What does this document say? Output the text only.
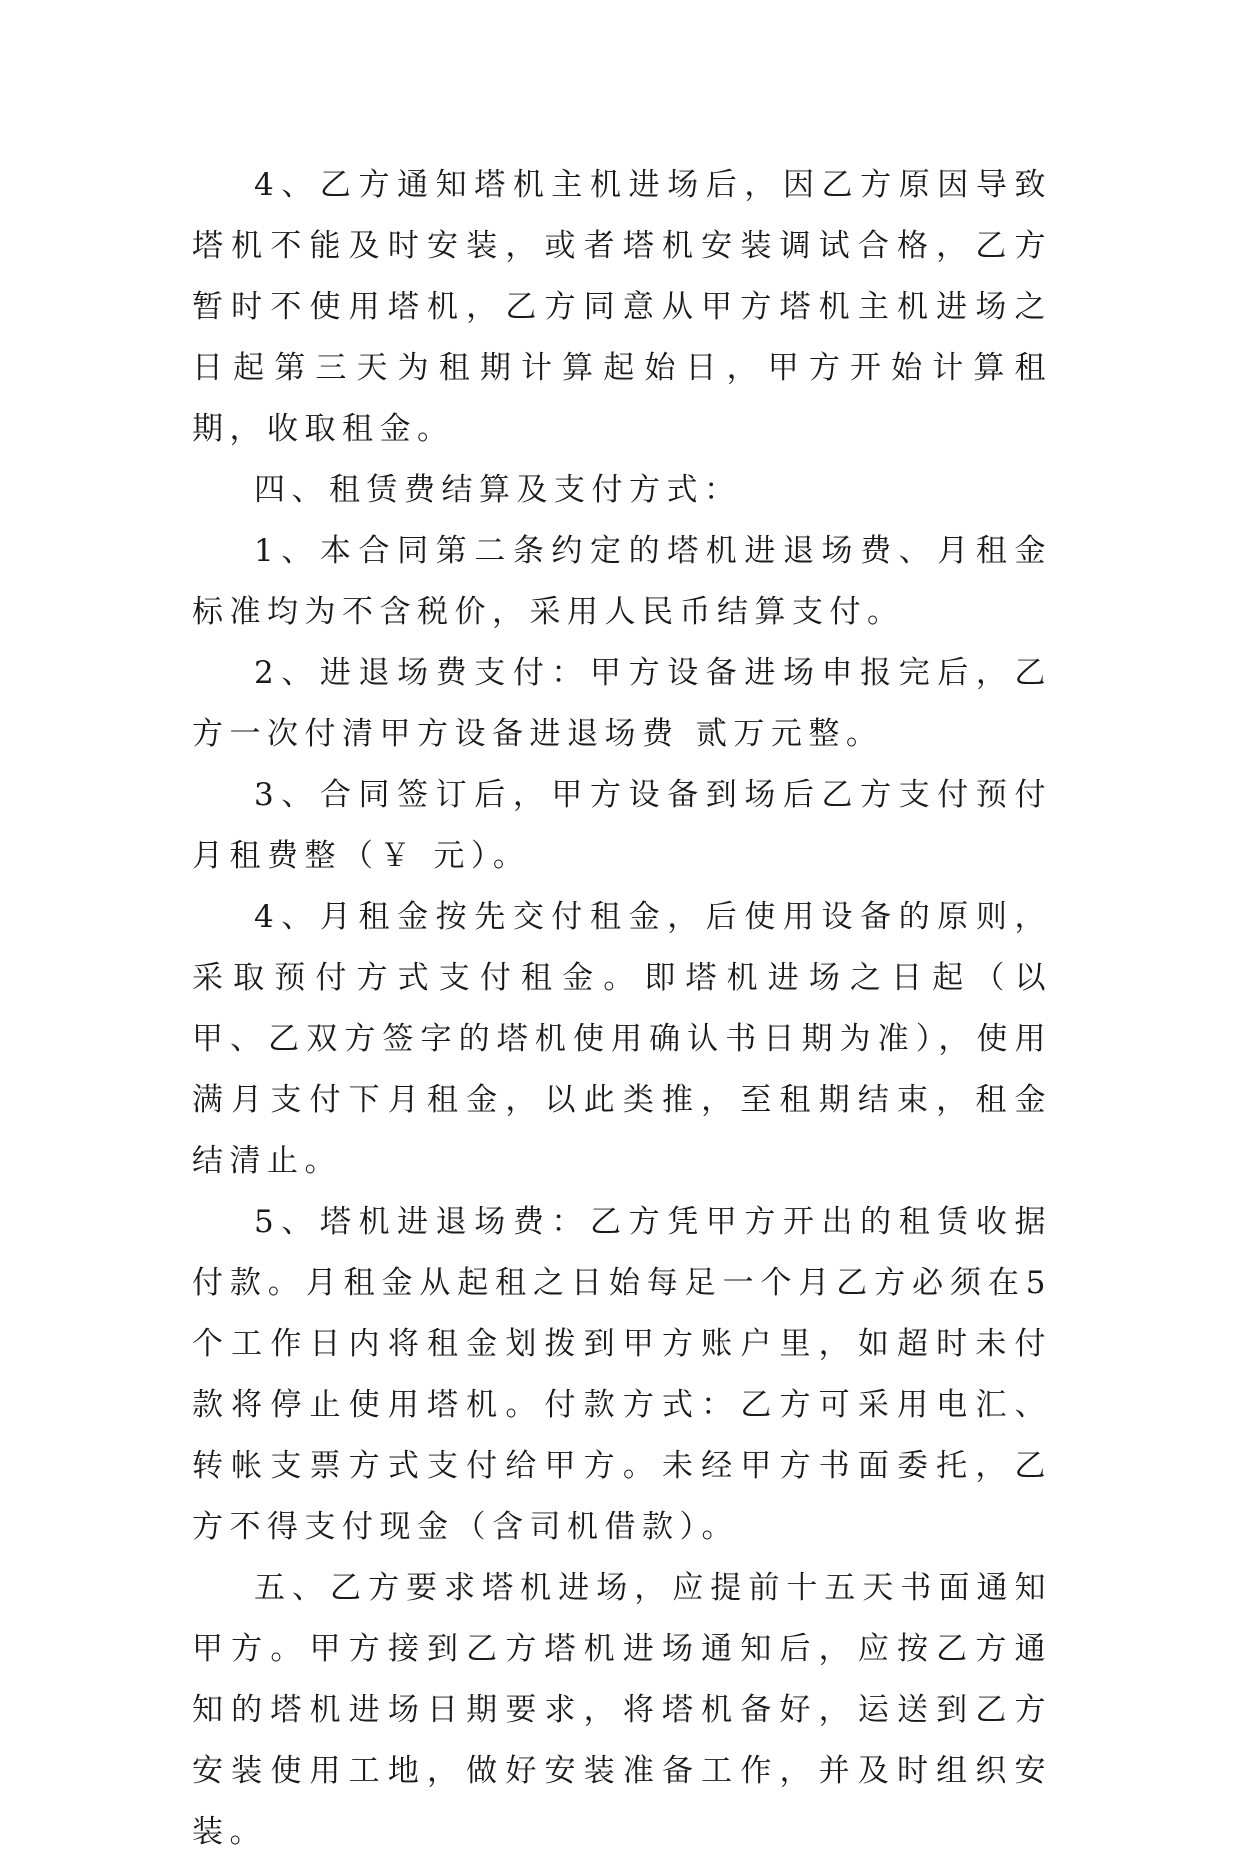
4、乙方通知塔机主机进场后，因乙方原因导致塔机不能及时安装，或者塔机安装调试合格，乙方暂时不使用塔机，乙方同意从甲方塔机主机进场之日起第三天为租期计算起始日，甲方开始计算租期，收取租金。

四、租赁费结算及支付方式：

1、本合同第二条约定的塔机进退场费、月租金标准均为不含税价，采用人民币结算支付。

2、进退场费支付：甲方设备进场申报完后，乙方一次付清甲方设备进退场费 贰万元整。

3、合同签订后，甲方设备到场后乙方支付预付月租费整（￥ 元）。

4、月租金按先交付租金，后使用设备的原则，采取预付方式支付租金。即塔机进场之日起（以甲、乙双方签字的塔机使用确认书日期为准），使用满月支付下月租金，以此类推，至租期结束，租金结清止。

5、塔机进退场费：乙方凭甲方开出的租赁收据付款。月租金从起租之日始每足一个月乙方必须在5个工作日内将租金划拨到甲方账户里，如超时未付款将停止使用塔机。付款方式：乙方可采用电汇、转帐支票方式支付给甲方。未经甲方书面委托，乙方不得支付现金（含司机借款）。

五、乙方要求塔机进场，应提前十五天书面通知甲方。甲方接到乙方塔机进场通知后，应按乙方通知的塔机进场日期要求，将塔机备好，运送到乙方安装使用工地，做好安装准备工作，并及时组织安装。
